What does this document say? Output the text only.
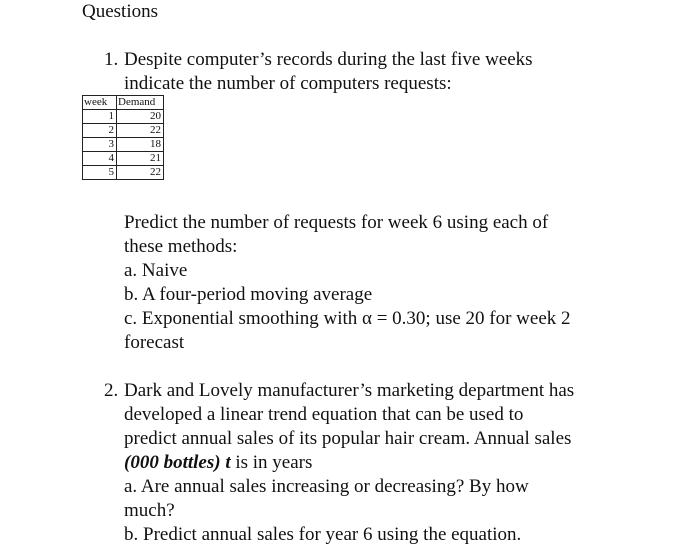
Questions
1. Despite computer’s records during the last five weeks
indicate the number of computers requests:
week	Demand
1	20
2	22
3	18
4	21
5	22
Predict the number of requests for week 6 using each of
these methods:
a. Naive
b. A four-period moving average
c. Exponential smoothing with α = 0.30; use 20 for week 2
forecast
2. Dark and Lovely manufacturer’s marketing department has
developed a linear trend equation that can be used to
predict annual sales of its popular hair cream. Annual sales
(000 bottles) t is in years
a. Are annual sales increasing or decreasing? By how
much?
b. Predict annual sales for year 6 using the equation.
